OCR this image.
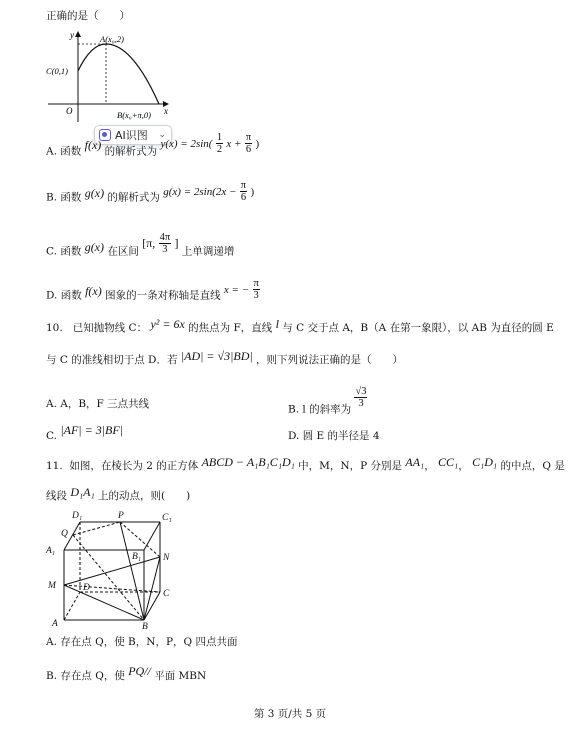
正确的是（　　）
y
x
O
A(x₀,2)
C(0,1)
B(x₀+π,0)
AI识图 ⌄
A. 函数 f(x) 的解析式为 $y(x) = 2\sin( \frac{1}{2}$ $x + \frac{\pi}{6}$ )
B. 函数 g(x) 的解析式为 $g(x) = 2\sin(2x - \frac{\pi}{6}$ )
C. 函数 g(x) 在区间 [π, $\frac{4\pi}{3}$ ] 上单调递增
D. 函数 f(x) 图象的一条对称轴是直线 x = − $\frac{\pi}{3}$
10. 已知抛物线 C： y² = 6x 的焦点为 F，直线 l 与 C 交于点 A，B（A 在第一象限），以 AB 为直径的圆 E
与 C 的准线相切于点 D．若 |AD| = √3|BD| ，则下列说法正确的是（　　）
A. A，B，F 三点共线	B. l 的斜率为
$\frac{√3}{3}$
C. |AF| = 3|BF|	D. 圆 E 的半径是 4
11. 如图，在棱长为 2 的正方体 ABCD − A₁B₁C₁D₁ 中，M，N，P 分别是 AA₁， CC₁， C₁D₁ 的中点，Q 是
线段 D₁A₁ 上的动点，则(　　)
D₁	P	C₁
Q
A₁
B₁ N
M	D
C
A	B
A. 存在点 Q，使 B，N，P，Q 四点共面
B. 存在点 Q，使 PQ// 平面 MBN
第 3 页/共 5 页
